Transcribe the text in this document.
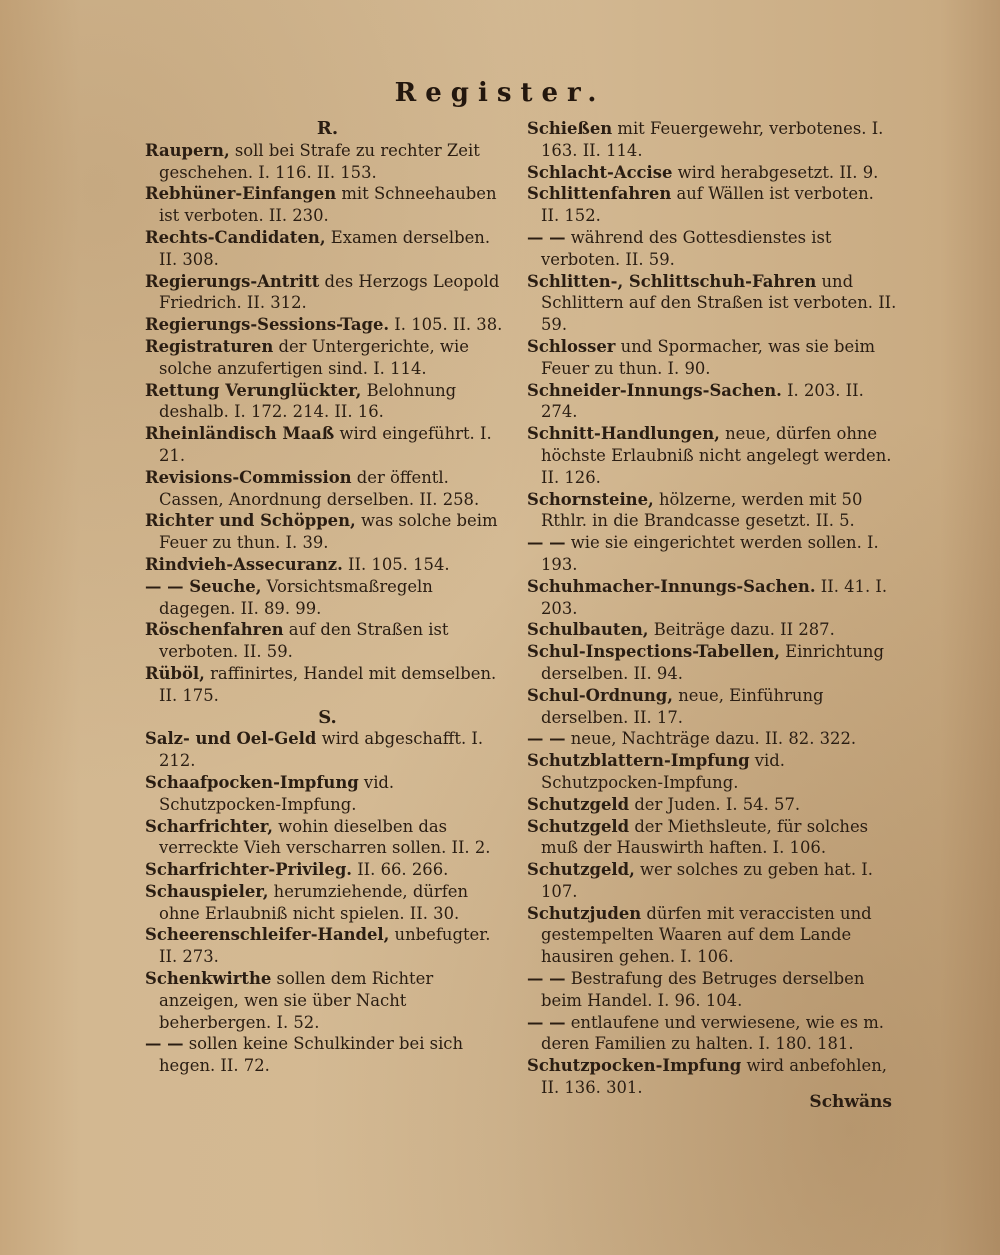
Register.

R.

Raupern, soll bei Strafe zu rechter Zeit geschehen. I. 116. II. 153.

Rebhüner-Einfangen mit Schneehauben ist verboten. II. 230.

Rechts-Candidaten, Examen derselben. II. 308.

Regierungs-Antritt des Herzogs Leopold Friedrich. II. 312.

Regierungs-Sessions-Tage. I. 105. II. 38.

Registraturen der Untergerichte, wie solche anzufertigen sind. I. 114.

Rettung Verunglückter, Belohnung deshalb. I. 172. 214. II. 16.

Rheinländisch Maaß wird eingeführt. I. 21.

Revisions-Commission der öffentl. Cassen, Anordnung derselben. II. 258.

Richter und Schöppen, was solche beim Feuer zu thun. I. 39.

Rindvieh-Assecuranz. II. 105. 154.

— — Seuche, Vorsichtsmaßregeln dagegen. II. 89. 99.

Röschenfahren auf den Straßen ist verboten. II. 59.

Rüböl, raffinirtes, Handel mit demselben. II. 175.

S.

Salz- und Oel-Geld wird abgeschafft. I. 212.

Schaafpocken-Impfung vid. Schutzpocken-Impfung.

Scharfrichter, wohin dieselben das verreckte Vieh verscharren sollen. II. 2.

Scharfrichter-Privileg. II. 66. 266.

Schauspieler, herumziehende, dürfen ohne Erlaubniß nicht spielen. II. 30.

Scheerenschleifer-Handel, unbefugter. II. 273.

Schenkwirthe sollen dem Richter anzeigen, wen sie über Nacht beherbergen. I. 52.

— — sollen keine Schulkinder bei sich hegen. II. 72.

Schießen mit Feuergewehr, verbotenes. I. 163. II. 114.

Schlacht-Accise wird herabgesetzt. II. 9.

Schlittenfahren auf Wällen ist verboten. II. 152.

— — während des Gottesdienstes ist verboten. II. 59.

Schlitten-, Schlittschuh-Fahren und Schlittern auf den Straßen ist verboten. II. 59.

Schlosser und Spormacher, was sie beim Feuer zu thun. I. 90.

Schneider-Innungs-Sachen. I. 203. II. 274.

Schnitt-Handlungen, neue, dürfen ohne höchste Erlaubniß nicht angelegt werden. II. 126.

Schornsteine, hölzerne, werden mit 50 Rthlr. in die Brandcasse gesetzt. II. 5.

— — wie sie eingerichtet werden sollen. I. 193.

Schuhmacher-Innungs-Sachen. II. 41. I. 203.

Schulbauten, Beiträge dazu. II 287.

Schul-Inspections-Tabellen, Einrichtung derselben. II. 94.

Schul-Ordnung, neue, Einführung derselben. II. 17.

— — neue, Nachträge dazu. II. 82. 322.

Schutzblattern-Impfung vid. Schutzpocken-Impfung.

Schutzgeld der Juden. I. 54. 57.

Schutzgeld der Miethsleute, für solches muß der Hauswirth haften. I. 106.

Schutzgeld, wer solches zu geben hat. I. 107.

Schutzjuden dürfen mit veraccisten und gestempelten Waaren auf dem Lande hausiren gehen. I. 106.

— — Bestrafung des Betruges derselben beim Handel. I. 96. 104.

— — entlaufene und verwiesene, wie es m. deren Familien zu halten. I. 180. 181.

Schutzpocken-Impfung wird anbefohlen, II. 136. 301.

Schwäns
